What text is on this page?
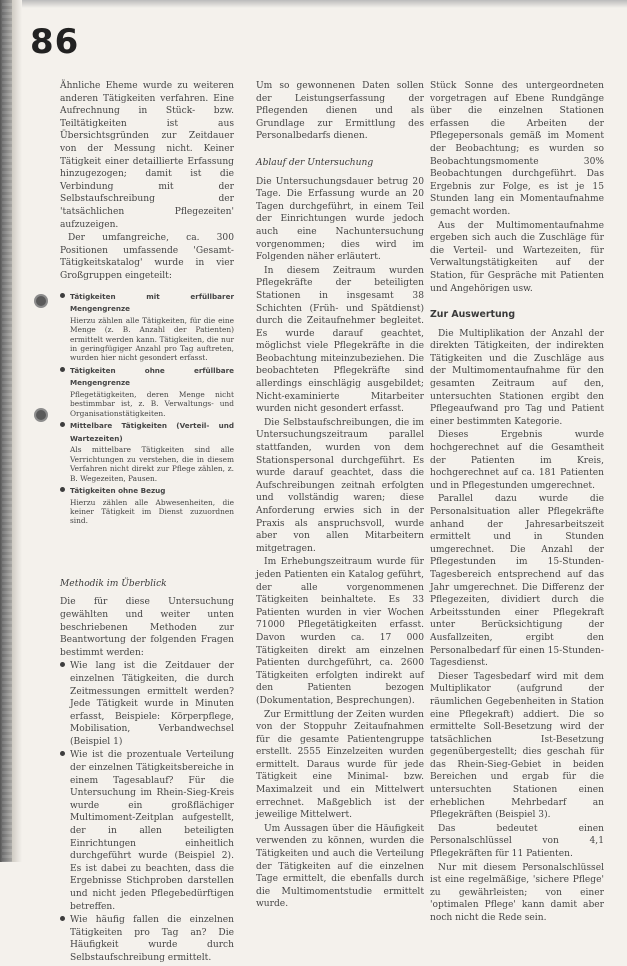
86

Ähnliche Eheme wurde zu weiteren anderen Tätigkeiten verfahren. Eine Aufrechnung in Stück- bzw. Teiltätigkeiten ist aus Übersichtsgründen zur Zeitdauer von der Messung nicht. Keiner Tätigkeit einer detaillierte Erfassung hinzugezogen; damit ist die Verbindung mit der Selbstaufschreibung der 'tatsächlichen Pflegezeiten' aufzuzeigen.

Der umfangreiche, ca. 300 Positionen umfassende 'Gesamt-Tätigkeitskatalog' wurde in vier Großgruppen eingeteilt:

Tätigkeiten mit erfüllbarer Mengengrenze
Hierzu zählen alle Tätigkeiten, für die eine Menge (z. B. Anzahl der Patienten) ermittelt werden kann. Tätigkeiten, die nur in geringfügiger Anzahl pro Tag auftreten, wurden hier nicht gesondert erfasst.
Tätigkeiten ohne erfüllbare Mengengrenze
Pflegetätigkeiten, deren Menge nicht bestimmbar ist, z. B. Verwaltungs- und Organisationstätigkeiten.
Mittelbare Tätigkeiten (Verteil- und Wartezeiten)
Als mittelbare Tätigkeiten sind alle Verrichtungen zu verstehen, die in diesem Verfahren nicht direkt zur Pflege zählen, z. B. Wegezeiten, Pausen.
Tätigkeiten ohne Bezug
Hierzu zählen alle Abwesenheiten, die keiner Tätigkeit im Dienst zuzuordnen sind.
Methodik im Überblick

Die für diese Untersuchung gewählten und weiter unten beschriebenen Methoden zur Beantwortung der folgenden Fragen bestimmt werden:

Wie lang ist die Zeitdauer der einzelnen Tätigkeiten, die durch Zeitmessungen ermittelt werden? Jede Tätigkeit wurde in Minuten erfasst, Beispiele: Körperpflege, Mobilisation, Verbandwechsel (Beispiel 1)
Wie ist die prozentuale Verteilung der einzelnen Tätigkeitsbereiche in einem Tagesablauf? Für die Untersuchung im Rhein-Sieg-Kreis wurde ein großflächiger Multimoment-Zeitplan aufgestellt, der in allen beteiligten Einrichtungen einheitlich durchgeführt wurde (Beispiel 2). Es ist dabei zu beachten, dass die Ergebnisse Stichproben darstellen und nicht jeden Pflegebedürftigen betreffen.
Wie häufig fallen die einzelnen Tätigkeiten pro Tag an? Die Häufigkeit wurde durch Selbstaufschreibung ermittelt.

Um so gewonnenen Daten sollen der Leistungserfassung der Pflegenden dienen und als Grundlage zur Ermittlung des Personalbedarfs dienen.

Ablauf der Untersuchung

Die Untersuchungsdauer betrug 20 Tage. Die Erfassung wurde an 20 Tagen durchgeführt, in einem Teil der Einrichtungen wurde jedoch auch eine Nachuntersuchung vorgenommen; dies wird im Folgenden näher erläutert.

In diesem Zeitraum wurden Pflegekräfte der beteiligten Stationen in insgesamt 38 Schichten (Früh- und Spätdienst) durch die Zeitaufnehmer begleitet. Es wurde darauf geachtet, möglichst viele Pflegekräfte in die Beobachtung miteinzubeziehen. Die beobachteten Pflegekräfte sind allerdings einschlägig ausgebildet; Nicht-examinierte Mitarbeiter wurden nicht gesondert erfasst.

Die Selbstaufschreibungen, die im Untersuchungszeitraum parallel stattfanden, wurden von dem Stationspersonal durchgeführt. Es wurde darauf geachtet, dass die Aufschreibungen zeitnah erfolgten und vollständig waren; diese Anforderung erwies sich in der Praxis als anspruchsvoll, wurde aber von allen Mitarbeitern mitgetragen.

Im Erhebungszeitraum wurde für jeden Patienten ein Katalog geführt, der alle vorgenommenen Tätigkeiten beinhaltete. Es 33 Patienten wurden in vier Wochen 71000 Pflegetätigkeiten erfasst. Davon wurden ca. 17 000 Tätigkeiten direkt am einzelnen Patienten durchgeführt, ca. 2600 Tätigkeiten erfolgten indirekt auf den Patienten bezogen (Dokumentation, Besprechungen).

Zur Ermittlung der Zeiten wurden von der Stoppuhr Zeitaufnahmen für die gesamte Patientengruppe erstellt. 2555 Einzelzeiten wurden ermittelt. Daraus wurde für jede Tätigkeit eine Minimal- bzw. Maximalzeit und ein Mittelwert errechnet. Maßgeblich ist der jeweilige Mittelwert.

Um Aussagen über die Häufigkeit verwenden zu können, wurden die Tätigkeiten und auch die Verteilung der Tätigkeiten auf die einzelnen Tage ermittelt, die ebenfalls durch die Multimomentstudie ermittelt wurde.

Stück Sonne des untergeordneten vorgetragen auf Ebene Rundgänge über die einzelnen Stationen erfassen die Arbeiten der Pflegepersonals gemäß im Moment der Beobachtung; es wurden so Beobachtungsmomente 30% Beobachtungen durchgeführt. Das Ergebnis zur Folge, es ist je 15 Stunden lang ein Momentaufnahme gemacht worden.

Aus der Multimomentaufnahme ergeben sich auch die Zuschläge für die Verteil- und Wartezeiten, für Verwaltungstätigkeiten auf der Station, für Gespräche mit Patienten und Angehörigen usw.

Zur Auswertung

Die Multiplikation der Anzahl der direkten Tätigkeiten, der indirekten Tätigkeiten und die Zuschläge aus der Multimomentaufnahme für den gesamten Zeitraum auf den, untersuchten Stationen ergibt den Pflegeaufwand pro Tag und Patient einer bestimmten Kategorie.

Dieses Ergebnis wurde hochgerechnet auf die Gesamtheit der Patienten im Kreis, hochgerechnet auf ca. 181 Patienten und in Pflegestunden umgerechnet.

Parallel dazu wurde die Personalsituation aller Pflegekräfte anhand der Jahresarbeitszeit ermittelt und in Stunden umgerechnet. Die Anzahl der Pflegestunden im 15-Stunden-Tagesbereich entsprechend auf das Jahr umgerechnet. Die Differenz der Pflegezeiten, dividiert durch die Arbeitsstunden einer Pflegekraft unter Berücksichtigung der Ausfallzeiten, ergibt den Personalbedarf für einen 15-Stunden-Tagesdienst.

Dieser Tagesbedarf wird mit dem Multiplikator (aufgrund der räumlichen Gegebenheiten in Station eine Pflegekraft) addiert. Die so ermittelte Soll-Besetzung wird der tatsächlichen Ist-Besetzung gegenübergestellt; dies geschah für das Rhein-Sieg-Gebiet in beiden Bereichen und ergab für die untersuchten Stationen einen erheblichen Mehrbedarf an Pflegekräften (Beispiel 3).

Das bedeutet einen Personalschlüssel von 4,1 Pflegekräften für 11 Patienten.

Nur mit diesem Personalschlüssel ist eine regelmäßige, 'sichere Pflege' zu gewährleisten; von einer 'optimalen Pflege' kann damit aber noch nicht die Rede sein.
